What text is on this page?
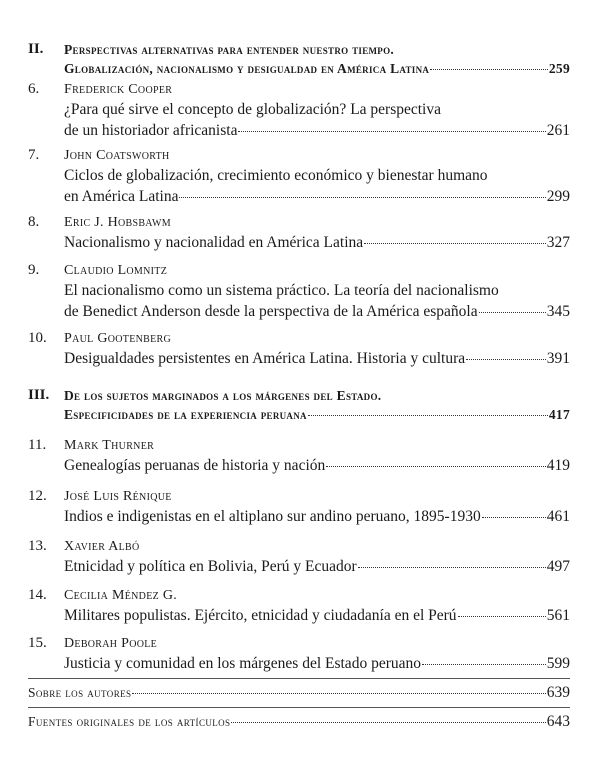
II. Perspectivas alternativas para entender nuestro tiempo.
Globalización, nacionalismo y desigualdad en América Latina	259
6. Frederick Cooper
¿Para qué sirve el concepto de globalización? La perspectiva
de un historiador africanista	261
7. John Coatsworth
Ciclos de globalización, crecimiento económico y bienestar humano
en América Latina	299
8. Eric J. Hobsbawm
Nacionalismo y nacionalidad en América Latina	327
9. Claudio Lomnitz
El nacionalismo como un sistema práctico. La teoría del nacionalismo
de Benedict Anderson desde la perspectiva de la América española	345
10. Paul Gootenberg
Desigualdades persistentes en América Latina. Historia y cultura	391
III. De los sujetos marginados a los márgenes del Estado.
Especificidades de la experiencia peruana	417
11. Mark Thurner
Genealogías peruanas de historia y nación	419
12. José Luis Rénique
Indios e indigenistas en el altiplano sur andino peruano, 1895-1930	461
13. Xavier Albó
Etnicidad y política en Bolivia, Perú y Ecuador	497
14. Cecilia Méndez G.
Militares populistas. Ejército, etnicidad y ciudadanía en el Perú	561
15. Deborah Poole
Justicia y comunidad en los márgenes del Estado peruano	599
Sobre los autores	639
Fuentes originales de los artículos	643
